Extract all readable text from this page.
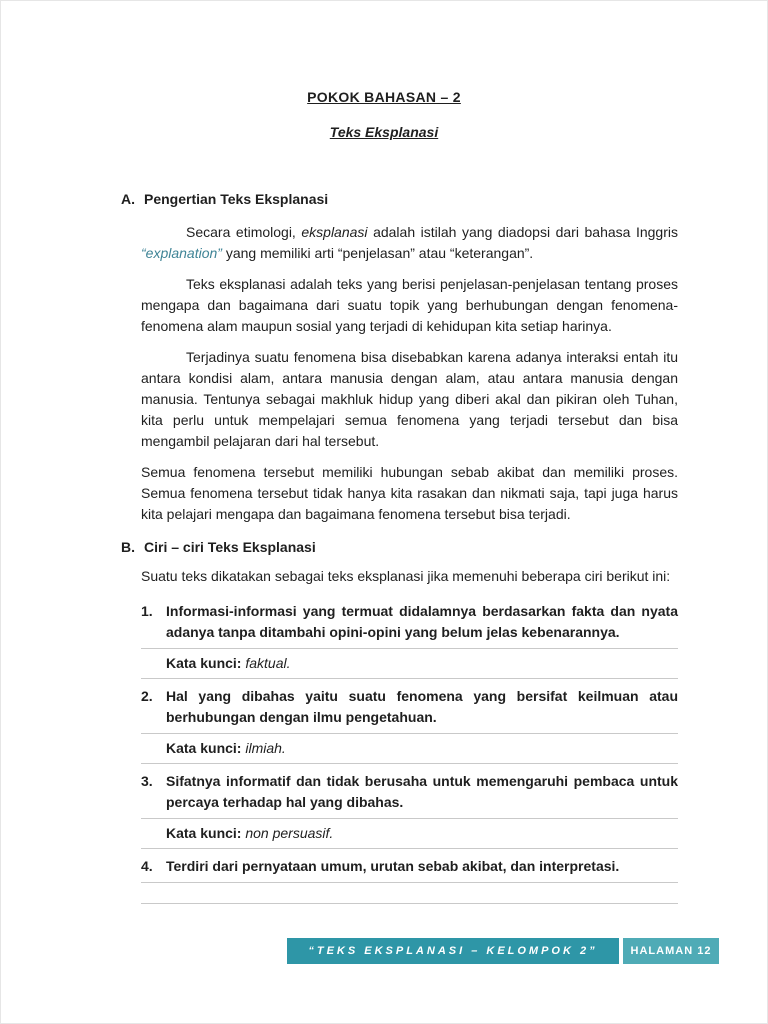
POKOK BAHASAN – 2
Teks Eksplanasi
A. Pengertian Teks Eksplanasi

Secara etimologi, eksplanasi adalah istilah yang diadopsi dari bahasa Inggris “explanation” yang memiliki arti “penjelasan” atau “keterangan”.

Teks eksplanasi adalah teks yang berisi penjelasan-penjelasan tentang proses mengapa dan bagaimana dari suatu topik yang berhubungan dengan fenomena-fenomena alam maupun sosial yang terjadi di kehidupan kita setiap harinya.

Terjadinya suatu fenomena bisa disebabkan karena adanya interaksi entah itu antara kondisi alam, antara manusia dengan alam, atau antara manusia dengan manusia. Tentunya sebagai makhluk hidup yang diberi akal dan pikiran oleh Tuhan, kita perlu untuk mempelajari semua fenomena yang terjadi tersebut dan bisa mengambil pelajaran dari hal tersebut.

Semua fenomena tersebut memiliki hubungan sebab akibat dan memiliki proses. Semua fenomena tersebut tidak hanya kita rasakan dan nikmati saja, tapi juga harus kita pelajari mengapa dan bagaimana fenomena tersebut bisa terjadi.

B. Ciri – ciri Teks Eksplanasi
Suatu teks dikatakan sebagai teks eksplanasi jika memenuhi beberapa ciri berikut ini:
1. Informasi-informasi yang termuat didalamnya berdasarkan fakta dan nyata adanya tanpa ditambahi opini-opini yang belum jelas kebenarannya.
Kata kunci: faktual.
2. Hal yang dibahas yaitu suatu fenomena yang bersifat keilmuan atau berhubungan dengan ilmu pengetahuan.
Kata kunci: ilmiah.
3. Sifatnya informatif dan tidak berusaha untuk memengaruhi pembaca untuk percaya terhadap hal yang dibahas.
Kata kunci: non persuasif.
4. Terdiri dari pernyataan umum, urutan sebab akibat, dan interpretasi.
“TEKS EKSPLANASI – KELOMPOK 2”	HALAMAN 12
